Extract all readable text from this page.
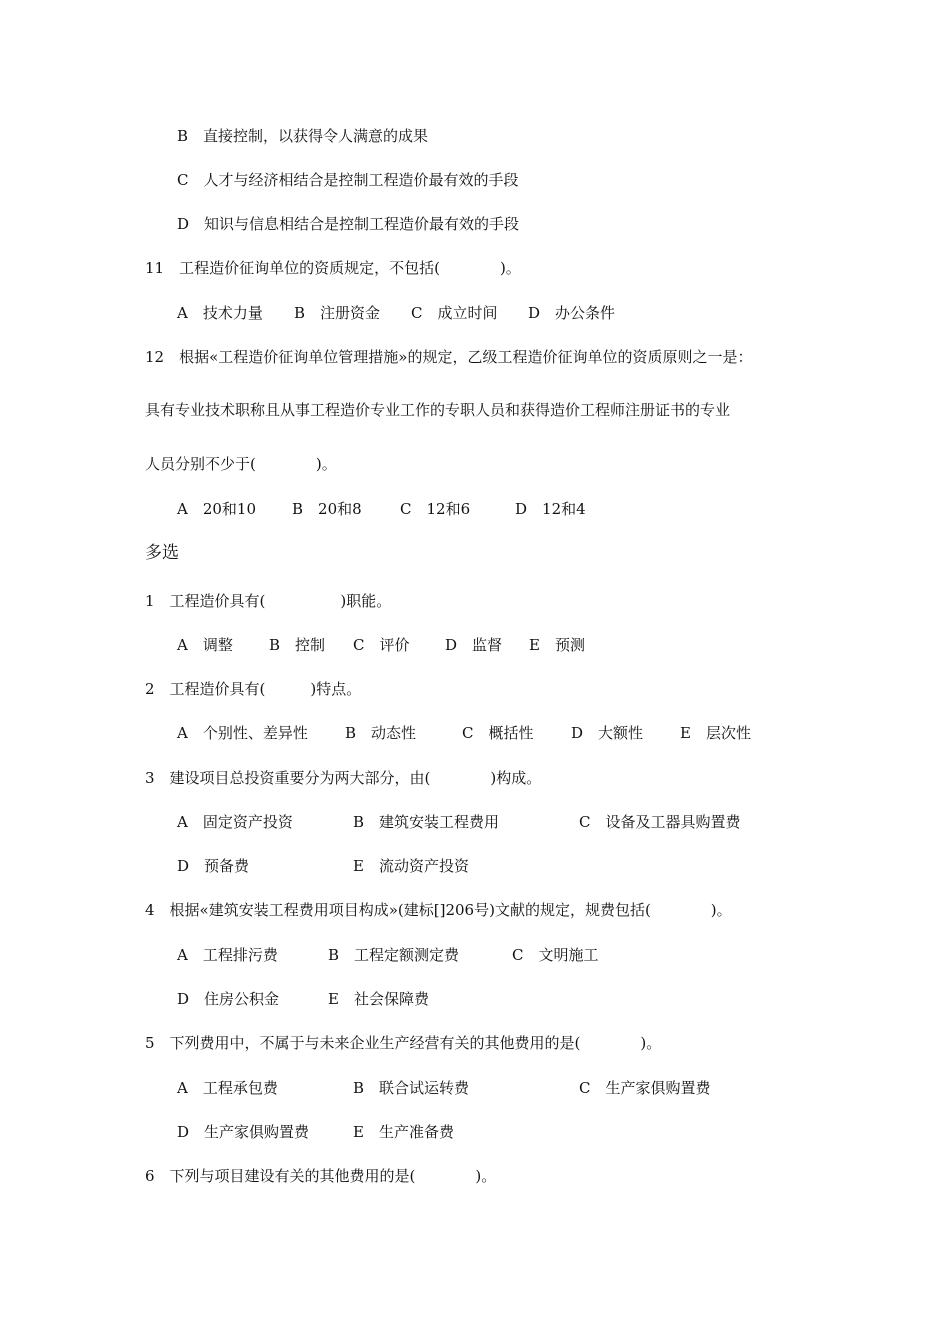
B　直接控制，以获得令人满意的成果
C　人才与经济相结合是控制工程造价最有效的手段
D　知识与信息相结合是控制工程造价最有效的手段
11　工程造价征询单位的资质规定，不包括(　　　　)。
A　技术力量 B　注册资金 C　成立时间 D　办公条件
12　根据«工程造价征询单位管理措施»的规定，乙级工程造价征询单位的资质原则之一是：
具有专业技术职称且从事工程造价专业工作的专职人员和获得造价工程师注册证书的专业
人员分别不少于(　　　　)。
A　20和10 B　20和8	C　12和6	D　12和4
多选
1　工程造价具有(　　　　　)职能。
A　调整 B　控制 C　评价 D　监督 E　预测
2　工程造价具有(　　　)特点。
A　个别性、差异性 B　动态性	C　概括性	D　大额性 E　层次性
3　建设项目总投资重要分为两大部分，由(　　　　)构成。
A　固定资产投资	B　建筑安装工程费用	C　设备及工器具购置费
D　预备费	E　流动资产投资
4　根据«建筑安装工程费用项目构成»(建标[]206号)文献的规定，规费包括(　　　　)。
A　工程排污费	B　工程定额测定费	C　文明施工
D　住房公积金	E　社会保障费
5　下列费用中，不属于与未来企业生产经营有关的其他费用的是(　　　　)。
A　工程承包费	B　联合试运转费	C　生产家俱购置费
D　生产家俱购置费	E　生产准备费
6　下列与项目建设有关的其他费用的是(　　　　)。
